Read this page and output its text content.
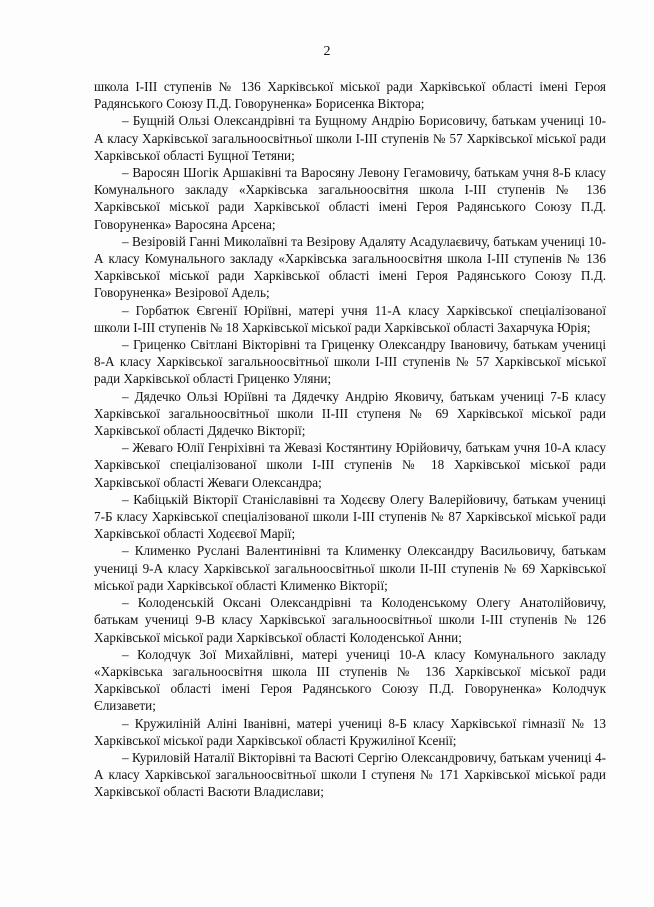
2

школа І-ІІІ ступенів № 136 Харківської міської ради Харківської області імені Героя Радянського Союзу П.Д. Говоруненка» Борисенка Віктора;

– Бущній Ользі Олександрівні та Бущному Андрію Борисовичу, батькам учениці 10-А класу Харківської загальноосвітньої школи І-ІІІ ступенів № 57 Харківської міської ради Харківської області Бущної Тетяни;

– Варосян Шогік Аршаківні та Варосяну Левону Гегамовичу, батькам учня 8-Б класу Комунального закладу «Харківська загальноосвітня школа І-ІІІ ступенів № 136 Харківської міської ради Харківської області імені Героя Радянського Союзу П.Д. Говоруненка» Варосяна Арсена;

– Везіровій Ганні Миколаївні та Везірову Адаляту Асадулаєвичу, батькам учениці 10-А класу Комунального закладу «Харківська загальноосвітня школа І-ІІІ ступенів № 136 Харківської міської ради Харківської області імені Героя Радянського Союзу П.Д. Говоруненка» Везірової Адель;

– Горбатюк Євгенії Юріївні, матері учня 11-А класу Харківської спеціалізованої школи І-ІІІ ступенів № 18 Харківської міської ради Харківської області Захарчука Юрія;

– Гриценко Світлані Вікторівні та Гриценку Олександру Івановичу, батькам учениці 8-А класу Харківської загальноосвітньої школи І-ІІІ ступенів № 57 Харківської міської ради Харківської області Гриценко Уляни;

– Дядечко Ользі Юріївні та Дядечку Андрію Яковичу, батькам учениці 7-Б класу Харківської загальноосвітньої школи ІІ-ІІІ ступеня № 69 Харківської міської ради Харківської області Дядечко Вікторії;

– Жеваго Юлії Генріхівні та Жевазі Костянтину Юрійовичу, батькам учня 10-А класу Харківської спеціалізованої школи І-ІІІ ступенів № 18 Харківської міської ради Харківської області Жеваги Олександра;

– Кабіцькій Вікторії Станіславівні та Ходєєву Олегу Валерійовичу, батькам учениці 7-Б класу Харківської спеціалізованої школи І-ІІІ ступенів № 87 Харківської міської ради Харківської області Ходєєвої Марії;

– Клименко Руслані Валентинівні та Клименку Олександру Васильовичу, батькам учениці 9-А класу Харківської загальноосвітньої школи ІІ-ІІІ ступенів № 69 Харківської міської ради Харківської області Клименко Вікторії;

– Колоденській Оксані Олександрівні та Колоденському Олегу Анатолійовичу, батькам учениці 9-В класу Харківської загальноосвітньої школи І-ІІІ ступенів № 126 Харківської міської ради Харківської області Колоденської Анни;

– Колодчук Зої Михайлівні, матері учениці 10-А класу Комунального закладу «Харківська загальноосвітня школа ІІІ ступенів № 136 Харківської міської ради Харківської області імені Героя Радянського Союзу П.Д. Говоруненка» Колодчук Єлизавети;

– Кружиліній Аліні Іванівні, матері учениці 8-Б класу Харківської гімназії № 13 Харківської міської ради Харківської області Кружиліної Ксенії;

– Куриловій Наталії Вікторівні та Васюті Сергію Олександровичу, батькам учениці 4-А класу Харківської загальноосвітньої школи І ступеня № 171 Харківської міської ради Харківської області Васюти Владислави;
